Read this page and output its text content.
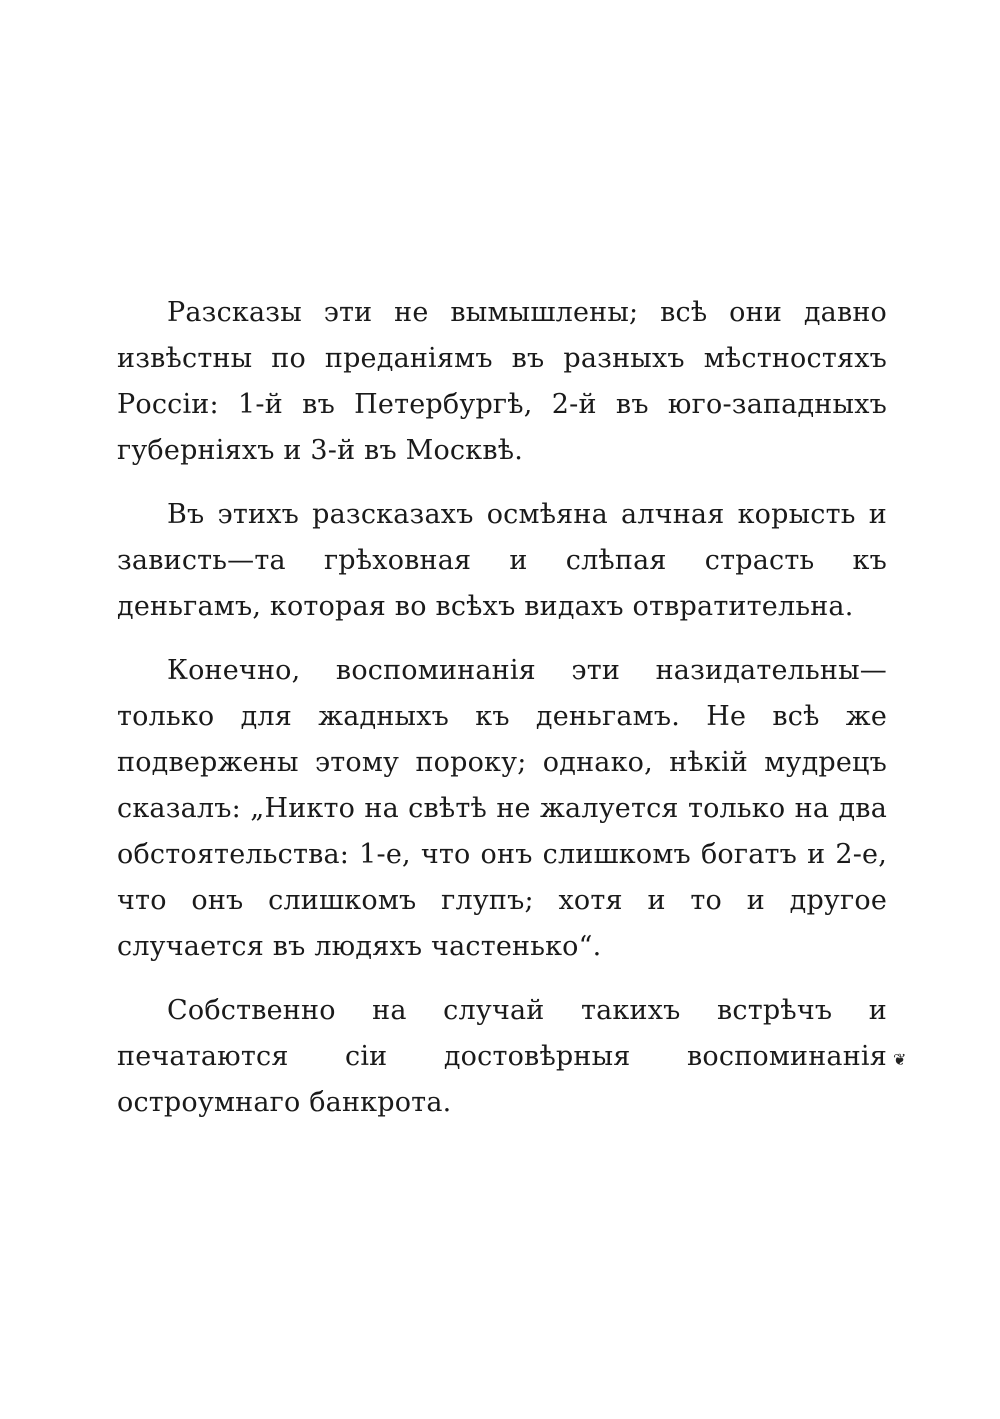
Разсказы эти не вымышлены; всѣ они давно извѣстны по преданіямъ въ разныхъ мѣстностяхъ Россіи: 1-й въ Петербургѣ, 2-й въ юго-западныхъ губерніяхъ и 3-й въ Москвѣ.

Въ этихъ разсказахъ осмѣяна алчная корысть и зависть—та грѣховная и слѣпая страсть къ деньгамъ, которая во всѣхъ видахъ отвратительна.

Конечно, воспоминанія эти назидательны—только для жадныхъ къ деньгамъ. Не всѣ же подвержены этому пороку; однако, нѣкій мудрецъ сказалъ: „Никто на свѣтѣ не жалуется только на два обстоятельства: 1-е, что онъ слишкомъ богатъ и 2-е, что онъ слишкомъ глупъ; хотя и то и другое случается въ людяхъ частенько“.

Собственно на случай такихъ встрѣчъ и печатаются сіи достовѣрныя воспоминанія остроумнаго банкрота.

❦
